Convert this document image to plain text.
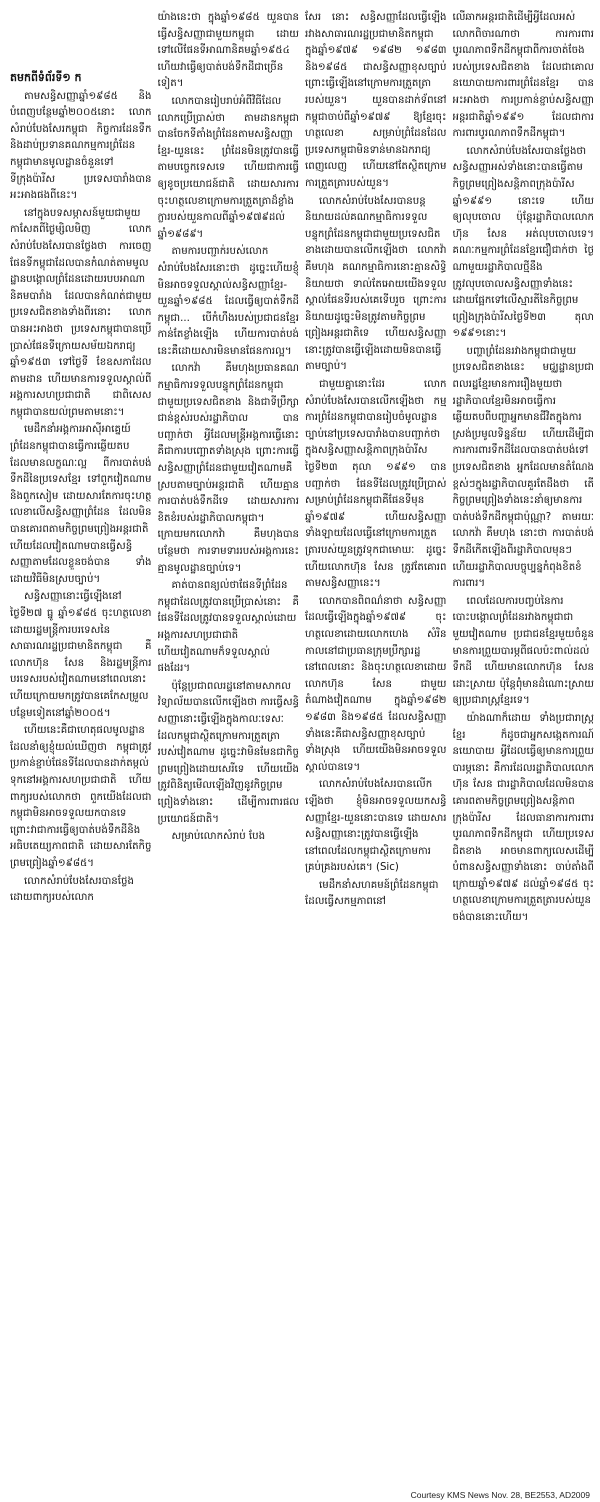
តមកពីទំព័រទី១ ក

តាមសន្ធិសញ្ញាឆ្នាំ១៩៨៥ និងបំពេញបន្ថែមឆ្នាំ២០០៥នោះ លោកសំរាប់បែងសែរកម្ពុជា កិច្ចការដែនទឹក និងដាប់ប្រទានគណកម្មការព្រំដែនកម្ពុជាមានមូលដ្ឋានចំនួនទៅទីក្រុងប៉ារីស ប្រទេសបារាំងបានអះអាងផងពីនេះ។

នៅក្នុងបទសម្ភាសន៍មួយជាមួយកាសែតពីថ្ងៃម្សិលមិញ លោកសំរាប់បែងសែរបានថ្លែងថា ការចេញផែនទីកម្ពុជាដែលបានកំណត់តាមមូលដ្ឋានបង្គោលព្រំដែនដោយរបបអាណានិគមបារាំង ដែលបានកំណត់ជាមួយប្រទេសជិតខាងទាំងពីរនោះ លោកបានអះអាងថា ប្រទេសកម្ពុជាបានប្រើប្រាស់ផែនទីក្រោយសម័យឯករាជ្យឆ្នាំ១៩៥៣ ទៅថ្ងៃទី ខែឧសភាដែលតាមដាន ហើយមានការទទួលស្គាល់ពីអង្គការសហប្រជាជាតិ ជាពិសេសកម្ពុជាបានយល់ព្រមតាមនោះ។

មេដឹកនាំអង្គការអាស៊ីអាគ្នេយ៍ព្រំដែនកម្ពុជាបានធ្វើការឆ្លើយតប ដែលមានលក្ខណៈល្អ ពីការបាត់បង់ទឹកដីនៃប្រទេសខ្មែរ ទៅពួកវៀតណាមនិងពួកសៀម ដោយសារតែការចុះហត្ថលេខាលើសន្ធិសញ្ញាព្រំដែន ដែលមិនបានគោរពតាមកិច្ចព្រមព្រៀងអន្តរជាតិ ហើយដែលវៀតណាមបានធ្វើសន្ធិសញ្ញាតាមដែលខ្លួនចង់បាន ទាំងដោយវិធីមិនស្របច្បាប់។

សន្ធិសញ្ញានោះធ្វើឡើងនៅថ្ងៃទី២៧ ធ្នូ ឆ្នាំ១៩៨៥ ចុះហត្ថលេខាដោយរដ្ឋមន្ត្រីការបរទេសនៃសាធារណរដ្ឋប្រជាមានិតកម្ពុជា គឺលោកហ៊ុន សែន និងរដ្ឋមន្ត្រីការបរទេសរបស់វៀតណាមនៅពេលនោះ ហើយក្រោយមកត្រូវបានគេកែសម្រួលបន្ថែមទៀតនៅឆ្នាំ២០០៥។

ហើយនេះគឺជាហេតុផលមូលដ្ឋានដែលនាំឲ្យខ្ញុំយល់ឃើញថា កម្ពុជាត្រូវប្រកាន់ខ្ជាប់ផែនទីដែលបានដាក់តម្កល់ទុកនៅអង្គការសហប្រជាជាតិ ហើយពាក្យរបស់លោកថា ពួកយើងដែលជាកម្ពុជាមិនអាចទទួលយកបានទេ ព្រោះវាជាការធ្វើឲ្យបាត់បង់ទឹកដីនិងអធិបតេយ្យភាពជាតិ ដោយសារតែកិច្ចព្រមព្រៀងឆ្នាំ១៩៨៥។

លោកសំរាប់បែងសែរបានថ្លែងដោយពាក្យរបស់លោក

យ៉ាងនេះថា ក្នុងឆ្នាំ១៩៨៥ យួនបានធ្វើសន្ធិសញ្ញាជាមួយកម្ពុជា ដោយទៅលើផែនទីអាណានិគមឆ្នាំ១៩៥៤ ហើយវាធ្វើឲ្យបាត់បង់ទឹកដីជាច្រើនទៀត។

លោកបានរៀបរាប់អំពីវិធីដែលលោកប្រើប្រាស់ថា តាមដានកម្ពុជាបានចែកទីតាំងព្រំដែនតាមសន្ធិសញ្ញាខ្មែរ-យួននេះ ព្រំដែនមិនត្រូវបានធ្វើតាមបច្ចេកទេសទេ ហើយជាការធ្វើឲ្យខូចប្រយោជន៍ជាតិ ដោយសារការចុះហត្ថលេខាក្រោមការត្រួតត្រាដ៏ខ្លាំងក្លារបស់យួនកាលពីឆ្នាំ១៩៧៩ដល់ឆ្នាំ១៩៨៩។

តាមការបញ្ជាក់របស់លោកសំរាប់បែងសែរនោះថា ដូច្នេះហើយខ្ញុំមិនអាចទទួលស្គាល់សន្ធិសញ្ញាខ្មែរ-យួនឆ្នាំ១៩៨៥ ដែលធ្វើឲ្យបាត់ទឹកដីកម្ពុជា... បើកំហឹងរបស់ប្រជាជនខ្មែរកាន់តែខ្លាំងឡើង ហើយការបាត់បង់នេះគឺដោយសារមិនមានផែនការល្អ។

លោកវ៉ា គឹមហុងប្រធានគណកម្មាធិការទទួលបន្ទុកព្រំដែនកម្ពុជា ជាមួយប្រទេសជិតខាង និងជាទីប្រឹក្សាជាន់ខ្ពស់របស់រដ្ឋាភិបាល បានបញ្ជាក់ថា អ្វីដែលមន្ត្រីអង្គការធ្វើនោះ គឺជាការបញ្ឆោតទាំងស្រុង ព្រោះការធ្វើសន្ធិសញ្ញាព្រំដែនជាមួយវៀតណាមគឺស្របតាមច្បាប់អន្តរជាតិ ហើយគ្មានការបាត់បង់ទឹកដីទេ ដោយសារការខិតខំរបស់រដ្ឋាភិបាលកម្ពុជា។ ក្រោយមកលោកវ៉ា គឹមហុងបានបន្ថែមថា ការទាមទាររបស់អង្គការនេះគ្មានមូលដ្ឋានច្បាប់ទេ។

គាត់បានពន្យល់ថាផែនទីព្រំដែនកម្ពុជាដែលត្រូវបានប្រើប្រាស់នោះ គឺផែនទីដែលត្រូវបានទទួលស្គាល់ដោយអង្គការសហប្រជាជាតិ ហើយវៀតណាមក៏ទទួលស្គាល់ផងដែរ។

ប៉ុន្តែប្រជាពលរដ្ឋនៅតាមសាកលវិទ្យាល័យបានលើកឡើងថា ការធ្វើសន្ធិសញ្ញានោះធ្វើឡើងក្នុងកាលៈទេសៈដែលកម្ពុជាស្ថិតក្រោមការត្រួតត្រារបស់វៀតណាម ដូច្នេះវាមិនមែនជាកិច្ចព្រមព្រៀងដោយសេរីទេ ហើយយើងត្រូវពិនិត្យមើលឡើងវិញនូវកិច្ចព្រមព្រៀងទាំងនោះ ដើម្បីការពារផលប្រយោជន៍ជាតិ។

សម្រាប់លោកសំរាប់ បែង

សែរ នោះ សន្ធិសញ្ញាដែលធ្វើឡើងរវាងសាធារណរដ្ឋប្រជាមានិតកម្ពុជាក្នុងឆ្នាំ១៩៧៩ ១៩៨២ ១៩៨៣ និង១៩៨៥ ជាសន្ធិសញ្ញាខុសច្បាប់ ព្រោះធ្វើឡើងនៅក្រោមការត្រួតត្រារបស់យួន។ យួនបានដាក់ទ័ពនៅកម្ពុជាចាប់ពីឆ្នាំ១៩៧៩ ឱ្យខ្មែរចុះហត្ថលេខា សម្រាប់ព្រំដែនដែលប្រទេសកម្ពុជាមិនទាន់មានឯករាជ្យពេញលេញ ហើយនៅតែស្ថិតក្រោមការត្រួតត្រារបស់យួន។

លោកសំរាប់បែងសែរបានបន្តនិយាយដល់គណកម្មាធិការទទួលបន្ទុកព្រំដែនកម្ពុជាជាមួយប្រទេសជិតខាងដោយបានលើកឡើងថា លោកវ៉ា គឹមហុង គណកម្មាធិការនោះគ្មានសិទ្ធិនិយាយថា ទាល់តែអោយយើងទទួលស្គាល់ផែនទីរបស់គេទើបរួច ព្រោះការនិយាយដូច្នេះមិនត្រូវតាមកិច្ចព្រមព្រៀងអន្តរជាតិទេ ហើយសន្ធិសញ្ញានោះត្រូវបានធ្វើឡើងដោយមិនបានធ្វើតាមច្បាប់។

ជាមួយគ្នានោះដែរ លោកសំរាប់បែងសែរបានលើកឡើងថា កម្មការព្រំដែនកម្ពុជាបានរៀបចំមូលដ្ឋានច្បាប់នៅប្រទេសបារាំងបានបញ្ជាក់ថា ក្នុងសន្ធិសញ្ញាសន្តិភាពក្រុងប៉ារីសថ្ងៃទី២៣ តុលា ១៩៩១ បានបញ្ជាក់ថា ផែនទីដែលត្រូវប្រើប្រាស់សម្រាប់ព្រំដែនកម្ពុជាគឺផែនទីមុនឆ្នាំ១៩៧៩ ហើយសន្ធិសញ្ញាទាំងឡាយដែលធ្វើនៅក្រោមការត្រួតត្រារបស់យួនត្រូវទុកជាមោឃៈ ដូច្នេះហើយលោកហ៊ុន សែន ត្រូវតែគោរពតាមសន្ធិសញ្ញានេះ។

លោកបានពិពណ៌នាថា សន្ធិសញ្ញាដែលធ្វើឡើងក្នុងឆ្នាំ១៩៧៩ ចុះហត្ថលេខាដោយលោកហេង សំរិន កាលនៅជាប្រធានក្រុមប្រឹក្សារដ្ឋនៅពេលនោះ និងចុះហត្ថលេខាដោយលោកហ៊ុន សែន ជាមួយតំណាងវៀតណាម ក្នុងឆ្នាំ១៩៨២ ១៩៨៣ និង១៩៨៥ ដែលសន្ធិសញ្ញាទាំងនេះគឺជាសន្ធិសញ្ញាខុសច្បាប់ទាំងស្រុង ហើយយើងមិនអាចទទួលស្គាល់បានទេ។

លោកសំរាប់បែងសែរបានលើកឡើងថា ខ្ញុំមិនអាចទទួលយកសន្ធិសញ្ញាខ្មែរ-យួននោះបានទេ ដោយសារសន្ធិសញ្ញានោះត្រូវបានធ្វើឡើងនៅពេលដែលកម្ពុជាស្ថិតក្រោមការគ្រប់គ្រងរបស់គេ។ (Sic)

មេដឹកនាំសហគមន៍ព្រំដែនកម្ពុជា ដែលធ្វើសកម្មភាពនៅ

លើឆាកអន្តរជាតិដើម្បីអ្វីដែលអស់លោកពិចារណាថា ការការពារបូរណភាពទឹកដីកម្ពុជាពីការចាត់ចែងរបស់ប្រទេសជិតខាង ដែលជាគោលនយោបាយការពារព្រំដែនខ្មែរ បានអះអាងថា ការប្រកាន់ខ្ជាប់សន្ធិសញ្ញាអន្តរជាតិឆ្នាំ១៩៩១ ដែលជាការការពារបូរណភាពទឹកដីកម្ពុជា។

លោកសំរាប់បែងសែរបានថ្លែងថា សន្ធិសញ្ញាអស់ទាំងនោះបានធ្វើតាមកិច្ចព្រមព្រៀងសន្តិភាពក្រុងប៉ារីសឆ្នាំ១៩៩១ នោះទេ ហើយឲ្យលុបចោល ប៉ុន្តែរដ្ឋាភិបាលលោកហ៊ុន សែន អត់លុបចោលទេ។ គណៈកម្មការព្រំដែនខ្មែរជឿជាក់ថា ថ្ងៃណាមួយរដ្ឋាភិបាលថ្មីនឹងត្រូវលុបចោលសន្ធិសញ្ញាទាំងនេះ ដោយផ្អែកទៅលើស្មារតីនៃកិច្ចព្រមព្រៀងក្រុងប៉ារីសថ្ងៃទី២៣ តុលា ១៩៩១នោះ។

បញ្ហាព្រំដែនរវាងកម្ពុជាជាមួយប្រទេសជិតខាងនេះ មជ្ឈដ្ឋានប្រជាពលរដ្ឋខ្មែរមានការរឿងមួយថា រដ្ឋាភិបាលខ្មែរមិនអាចធ្វើការឆ្លើយតបពីបញ្ហាអ្នកមានជីវិតក្នុងការស្រង់ប្រមូលទិន្នន័យ ហើយដើម្បីជាការការពារទឹកដីដែលបានបាត់បង់ទៅប្រទេសជិតខាង អ្នកដែលមានតំណែងខ្ពស់ៗក្នុងរដ្ឋាភិបាលគួរតែដឹងថា តើកិច្ចព្រមព្រៀងទាំងនេះនាំឲ្យមានការបាត់បង់ទឹកដីកម្ពុជាប៉ុណ្ណា? តាមរយៈលោកវ៉ា គឹមហុង នោះថា ការបាត់បង់ទឹកដីកើតឡើងពីរដ្ឋាភិបាលមុនៗ ហើយរដ្ឋាភិបាលបច្ចុប្បន្នកំពុងខិតខំការពារ។

ពេលដែលការបញ្ចប់នៃការបោះបង្គោលព្រំដែនរវាងកម្ពុជាជាមួយវៀតណាម ប្រជាជនខ្មែរមួយចំនួនមានការព្រួយបារម្ភពីផលប៉ះពាល់ដល់ទឹកដី ហើយមានលោកហ៊ុន សែន ដោះស្រាយ ប៉ុន្តែពុំមានដំណោះស្រាយឲ្យប្រជារាស្ត្រខ្មែរទេ។

យ៉ាងណាក៏ដោយ ទាំងប្រជារាស្ត្រខ្មែរ ក៏ដូចជាអ្នកសង្កេតការណ៍នយោបាយ អ្វីដែលធ្វើឲ្យមានការព្រួយបារម្ភនោះ គឺការដែលរដ្ឋាភិបាលលោកហ៊ុន សែន ជារដ្ឋាភិបាលដែលមិនបានគោរពតាមកិច្ចព្រមព្រៀងសន្តិភាពក្រុងប៉ារីស ដែលធានាការការពារបូរណភាពទឹកដីកម្ពុជា ហើយប្រទេសជិតខាង អាចមានពាក្យលេសដើម្បីបំពានសន្ធិសញ្ញាទាំងនោះ ចាប់តាំងពីក្រោយឆ្នាំ១៩៧៩ ដល់ឆ្នាំ១៩៨៥ ចុះហត្ថលេខាក្រោមការត្រួតត្រារបស់យួន ចង់បាននោះហើយ។

Courtesy KMS News Nov. 28, BE2553, AD2009
